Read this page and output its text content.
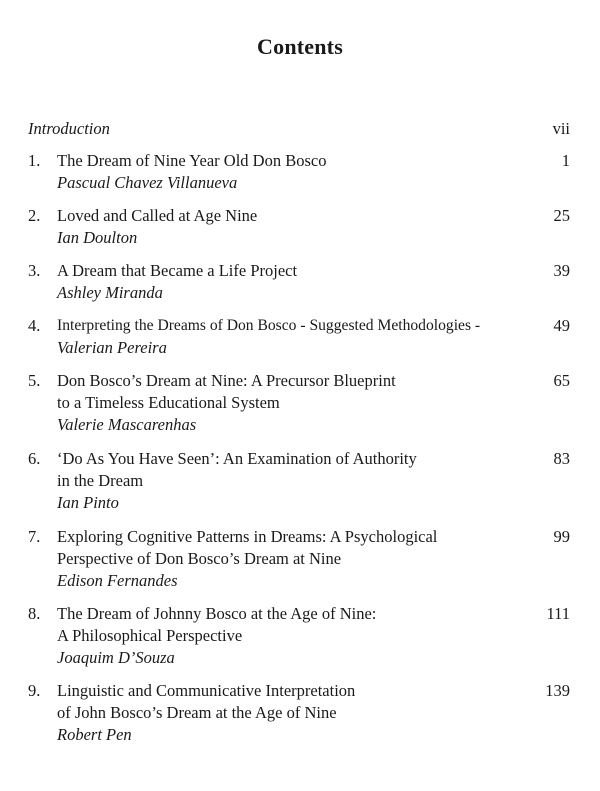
Contents
Introduction	vii
1. The Dream of Nine Year Old Don Bosco
Pascual Chavez Villanueva
1
2. Loved and Called at Age Nine
Ian Doulton
25
3. A Dream that Became a Life Project
Ashley Miranda
39
4. Interpreting the Dreams of Don Bosco - Suggested Methodologies -
Valerian Pereira
49
5. Don Bosco’s Dream at Nine: A Precursor Blueprint
to a Timeless Educational System
Valerie Mascarenhas
65
6. ‘Do As You Have Seen’: An Examination of Authority
in the Dream
Ian Pinto
83
7. Exploring Cognitive Patterns in Dreams: A Psychological
Perspective of Don Bosco’s Dream at Nine
Edison Fernandes
99
8. The Dream of Johnny Bosco at the Age of Nine:
A Philosophical Perspective
Joaquim D’Souza
111
9. Linguistic and Communicative Interpretation
of John Bosco’s Dream at the Age of Nine
Robert Pen
139
